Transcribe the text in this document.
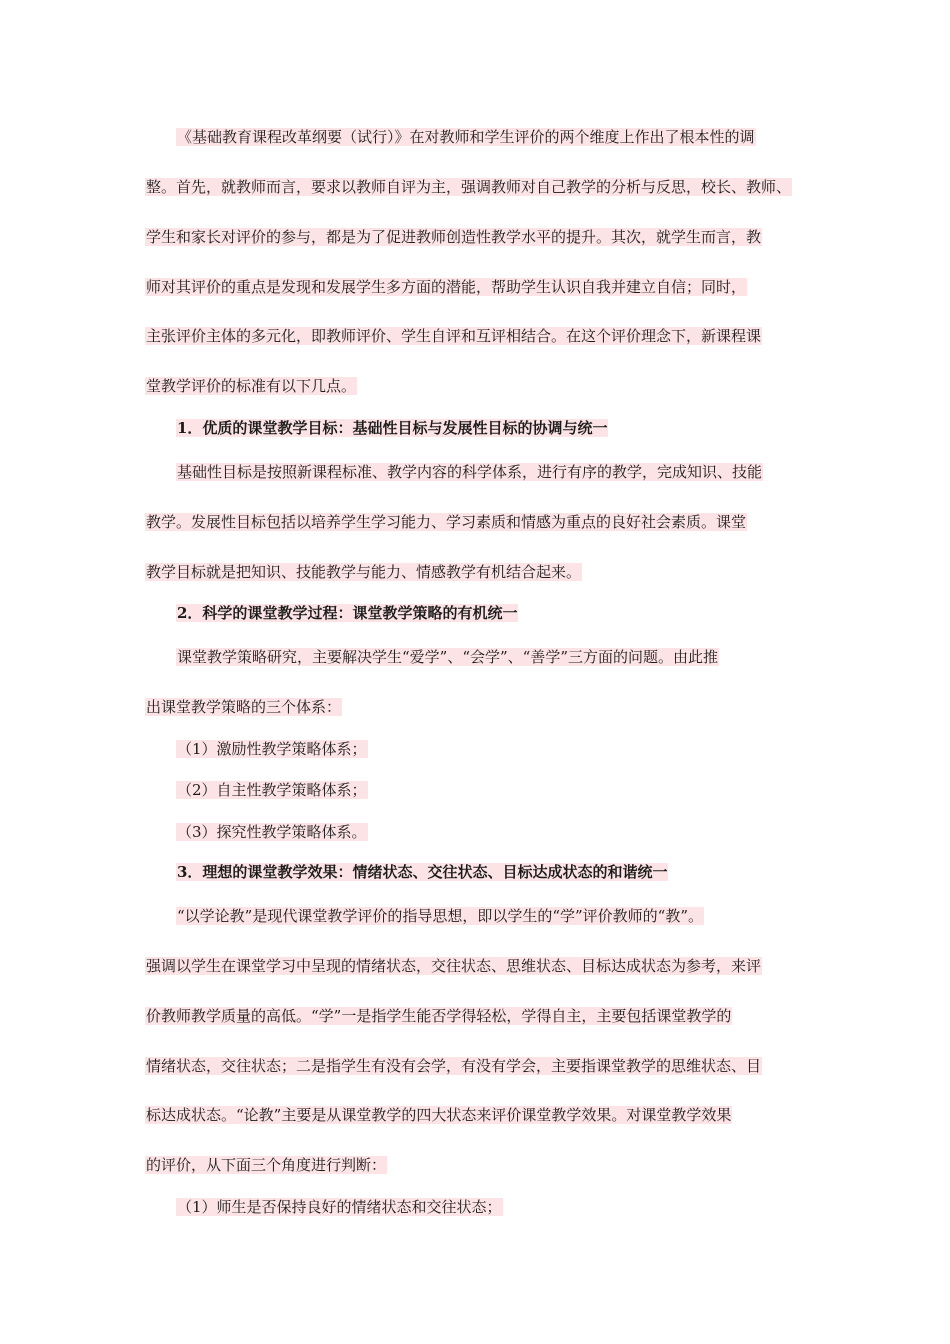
《基础教育课程改革纲要（试行）》在对教师和学生评价的两个维度上作出了根本性的调
整。首先，就教师而言，要求以教师自评为主，强调教师对自己教学的分析与反思，校长、教师、
学生和家长对评价的参与，都是为了促进教师创造性教学水平的提升。其次，就学生而言，教
师对其评价的重点是发现和发展学生多方面的潜能，帮助学生认识自我并建立自信；同时，
主张评价主体的多元化，即教师评价、学生自评和互评相结合。在这个评价理念下，新课程课
堂教学评价的标准有以下几点。
1．优质的课堂教学目标：基础性目标与发展性目标的协调与统一
基础性目标是按照新课程标准、教学内容的科学体系，进行有序的教学，完成知识、技能
教学。发展性目标包括以培养学生学习能力、学习素质和情感为重点的良好社会素质。课堂
教学目标就是把知识、技能教学与能力、情感教学有机结合起来。
2．科学的课堂教学过程：课堂教学策略的有机统一
课堂教学策略研究，主要解决学生“爱学”、“会学”、“善学”三方面的问题。由此推
出课堂教学策略的三个体系：
（1）激励性教学策略体系；
（2）自主性教学策略体系；
（3）探究性教学策略体系。
3．理想的课堂教学效果：情绪状态、交往状态、目标达成状态的和谐统一
“以学论教”是现代课堂教学评价的指导思想，即以学生的“学”评价教师的“教”。
强调以学生在课堂学习中呈现的情绪状态，交往状态、思维状态、目标达成状态为参考，来评
价教师教学质量的高低。“学”一是指学生能否学得轻松，学得自主，主要包括课堂教学的
情绪状态，交往状态；二是指学生有没有会学，有没有学会，主要指课堂教学的思维状态、目
标达成状态。“论教”主要是从课堂教学的四大状态来评价课堂教学效果。对课堂教学效果
的评价，从下面三个角度进行判断：
（1）师生是否保持良好的情绪状态和交往状态；
